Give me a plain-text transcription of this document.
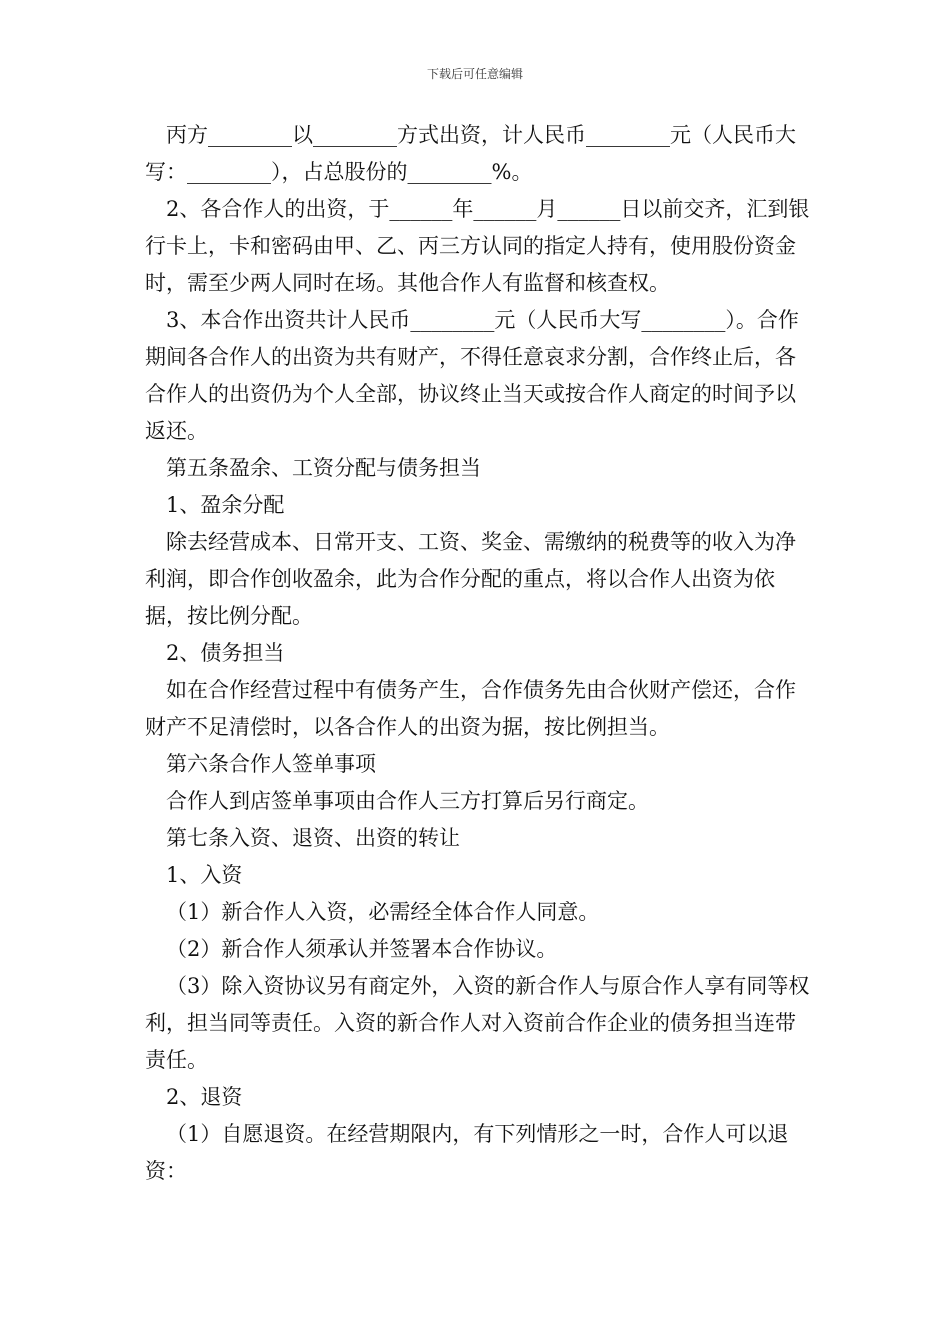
下载后可任意编辑

丙方________以________方式出资，计人民币________元（人民币大写：________），占总股份的________%。

2、各合作人的出资，于______年______月______日以前交齐，汇到银行卡上，卡和密码由甲、乙、丙三方认同的指定人持有，使用股份资金时，需至少两人同时在场。其他合作人有监督和核查权。

3、本合作出资共计人民币________元（人民币大写________）。合作期间各合作人的出资为共有财产，不得任意哀求分割，合作终止后，各合作人的出资仍为个人全部，协议终止当天或按合作人商定的时间予以返还。

第五条盈余、工资分配与债务担当

1、盈余分配

除去经营成本、日常开支、工资、奖金、需缴纳的税费等的收入为净利润，即合作创收盈余，此为合作分配的重点，将以合作人出资为依据，按比例分配。

2、债务担当

如在合作经营过程中有债务产生，合作债务先由合伙财产偿还，合作财产不足清偿时，以各合作人的出资为据，按比例担当。

第六条合作人签单事项

合作人到店签单事项由合作人三方打算后另行商定。

第七条入资、退资、出资的转让

1、入资

（1）新合作人入资，必需经全体合作人同意。

（2）新合作人须承认并签署本合作协议。

（3）除入资协议另有商定外，入资的新合作人与原合作人享有同等权利，担当同等责任。入资的新合作人对入资前合作企业的债务担当连带责任。

2、退资

（1）自愿退资。在经营期限内，有下列情形之一时，合作人可以退资：
